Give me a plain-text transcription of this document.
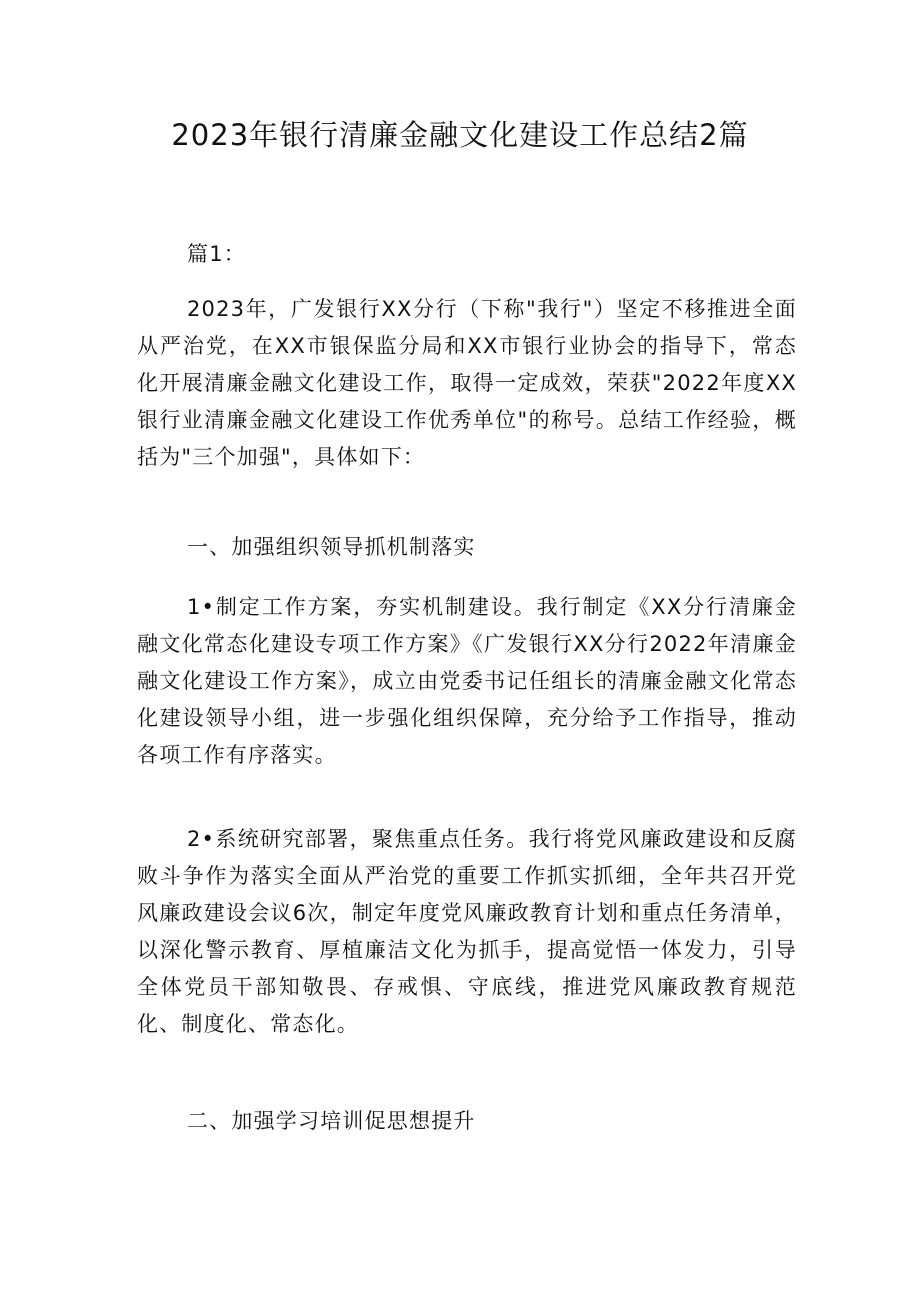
2023年银行清廉金融文化建设工作总结2篇

篇1：

2023年，广发银行XX分行（下称"我行"）坚定不移推进全面从严治党，在XX市银保监分局和XX市银行业协会的指导下，常态化开展清廉金融文化建设工作，取得一定成效，荣获"2022年度XX银行业清廉金融文化建设工作优秀单位"的称号。总结工作经验，概括为"三个加强"，具体如下：

一、加强组织领导抓机制落实

1•制定工作方案，夯实机制建设。我行制定《XX分行清廉金融文化常态化建设专项工作方案》《广发银行XX分行2022年清廉金融文化建设工作方案》，成立由党委书记任组长的清廉金融文化常态化建设领导小组，进一步强化组织保障，充分给予工作指导，推动各项工作有序落实。

2•系统研究部署，聚焦重点任务。我行将党风廉政建设和反腐败斗争作为落实全面从严治党的重要工作抓实抓细，全年共召开党风廉政建设会议6次，制定年度党风廉政教育计划和重点任务清单，以深化警示教育、厚植廉洁文化为抓手，提高觉悟一体发力，引导全体党员干部知敬畏、存戒惧、守底线，推进党风廉政教育规范化、制度化、常态化。

二、加强学习培训促思想提升
